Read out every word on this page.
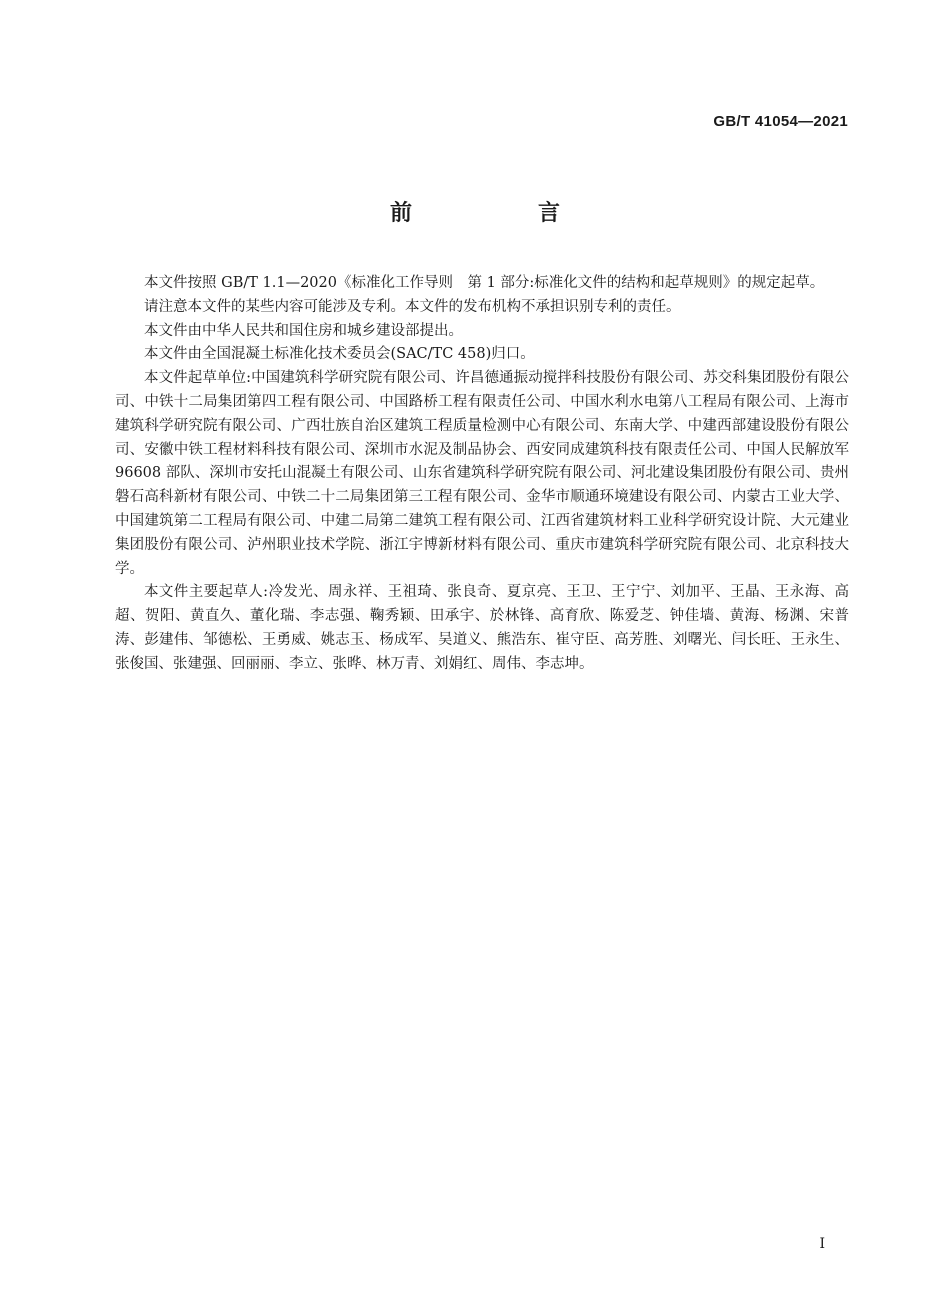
GB/T 41054—2021
前　言

本文件按照 GB/T 1.1—2020《标准化工作导则　第 1 部分:标准化文件的结构和起草规则》的规定起草。

请注意本文件的某些内容可能涉及专利。本文件的发布机构不承担识别专利的责任。

本文件由中华人民共和国住房和城乡建设部提出。

本文件由全国混凝土标准化技术委员会(SAC/TC 458)归口。

本文件起草单位:中国建筑科学研究院有限公司、许昌德通振动搅拌科技股份有限公司、苏交科集团股份有限公司、中铁十二局集团第四工程有限公司、中国路桥工程有限责任公司、中国水利水电第八工程局有限公司、上海市建筑科学研究院有限公司、广西壮族自治区建筑工程质量检测中心有限公司、东南大学、中建西部建设股份有限公司、安徽中铁工程材料科技有限公司、深圳市水泥及制品协会、西安同成建筑科技有限责任公司、中国人民解放军 96608 部队、深圳市安托山混凝土有限公司、山东省建筑科学研究院有限公司、河北建设集团股份有限公司、贵州磐石高科新材有限公司、中铁二十二局集团第三工程有限公司、金华市顺通环境建设有限公司、内蒙古工业大学、中国建筑第二工程局有限公司、中建二局第二建筑工程有限公司、江西省建筑材料工业科学研究设计院、大元建业集团股份有限公司、泸州职业技术学院、浙江宇博新材料有限公司、重庆市建筑科学研究院有限公司、北京科技大学。

本文件主要起草人:冷发光、周永祥、王祖琦、张良奇、夏京亮、王卫、王宁宁、刘加平、王晶、王永海、高超、贺阳、黄直久、董化瑞、李志强、鞠秀颖、田承宇、於林锋、高育欣、陈爱芝、钟佳墙、黄海、杨渊、宋普涛、彭建伟、邹德松、王勇威、姚志玉、杨成军、吴道义、熊浩东、崔守臣、高芳胜、刘曙光、闫长旺、王永生、张俊国、张建强、回丽丽、李立、张晔、林万青、刘娟红、周伟、李志坤。

I
